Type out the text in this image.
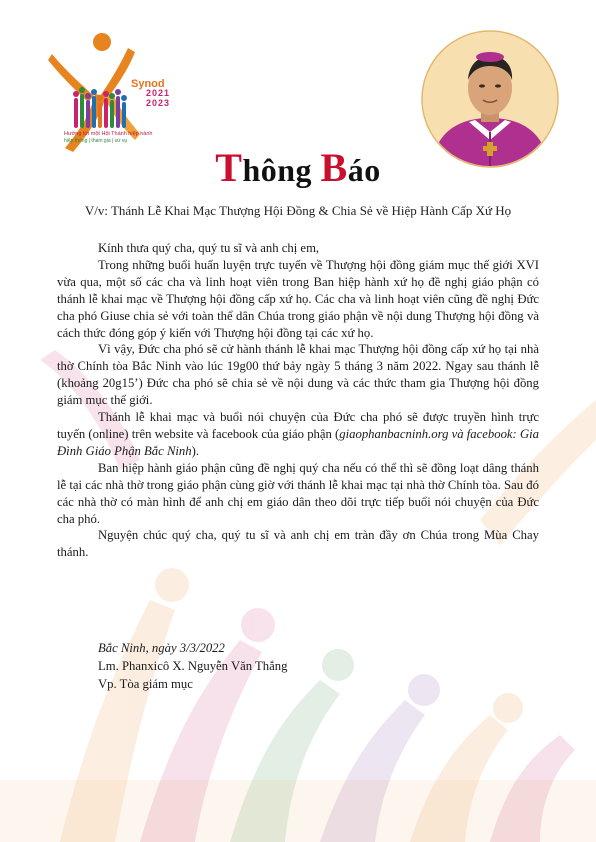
Synod
2021
2023
Hướng tới một Hội Thánh hiệp hành
hiệp thông | tham gia | sứ vụ
Thông Báo
V/v: Thánh Lễ Khai Mạc Thượng Hội Đồng & Chia Sẻ về Hiệp Hành Cấp Xứ Họ

Kính thưa quý cha, quý tu sĩ và anh chị em,

Trong những buổi huấn luyện trực tuyến về Thượng hội đồng giám mục thế giới XVI vừa qua, một số các cha và linh hoạt viên trong Ban hiệp hành xứ họ đề nghị giáo phận có thánh lễ khai mạc về Thượng hội đồng cấp xứ họ. Các cha và linh hoạt viên cũng đề nghị Đức cha phó Giuse chia sẻ với toàn thể dân Chúa trong giáo phận về nội dung Thượng hội đồng và cách thức đóng góp ý kiến với Thượng hội đồng tại các xứ họ.

Vì vậy, Đức cha phó sẽ cử hành thánh lễ khai mạc Thượng hội đồng cấp xứ họ tại nhà thờ Chính tòa Bắc Ninh vào lúc 19g00 thứ bảy ngày 5 tháng 3 năm 2022. Ngay sau thánh lễ (khoảng 20g15’) Đức cha phó sẽ chia sẻ về nội dung và các thức tham gia Thượng hội đồng giám mục thế giới.

Thánh lễ khai mạc và buổi nói chuyện của Đức cha phó sẽ được truyền hình trực tuyến (online) trên website và facebook của giáo phận (giaophanbacninh.org và facebook: Gia Đình Giáo Phận Bắc Ninh).

Ban hiệp hành giáo phận cũng đề nghị quý cha nếu có thể thì sẽ đồng loạt dâng thánh lễ tại các nhà thờ trong giáo phận cùng giờ với thánh lễ khai mạc tại nhà thờ Chính tòa. Sau đó các nhà thờ có màn hình để anh chị em giáo dân theo dõi trực tiếp buổi nói chuyện của Đức cha phó.

Nguyện chúc quý cha, quý tu sĩ và anh chị em tràn đầy ơn Chúa trong Mùa Chay thánh.

Bắc Ninh, ngày 3/3/2022
Lm. Phanxicô X. Nguyễn Văn Thắng
Vp. Tòa giám mục
